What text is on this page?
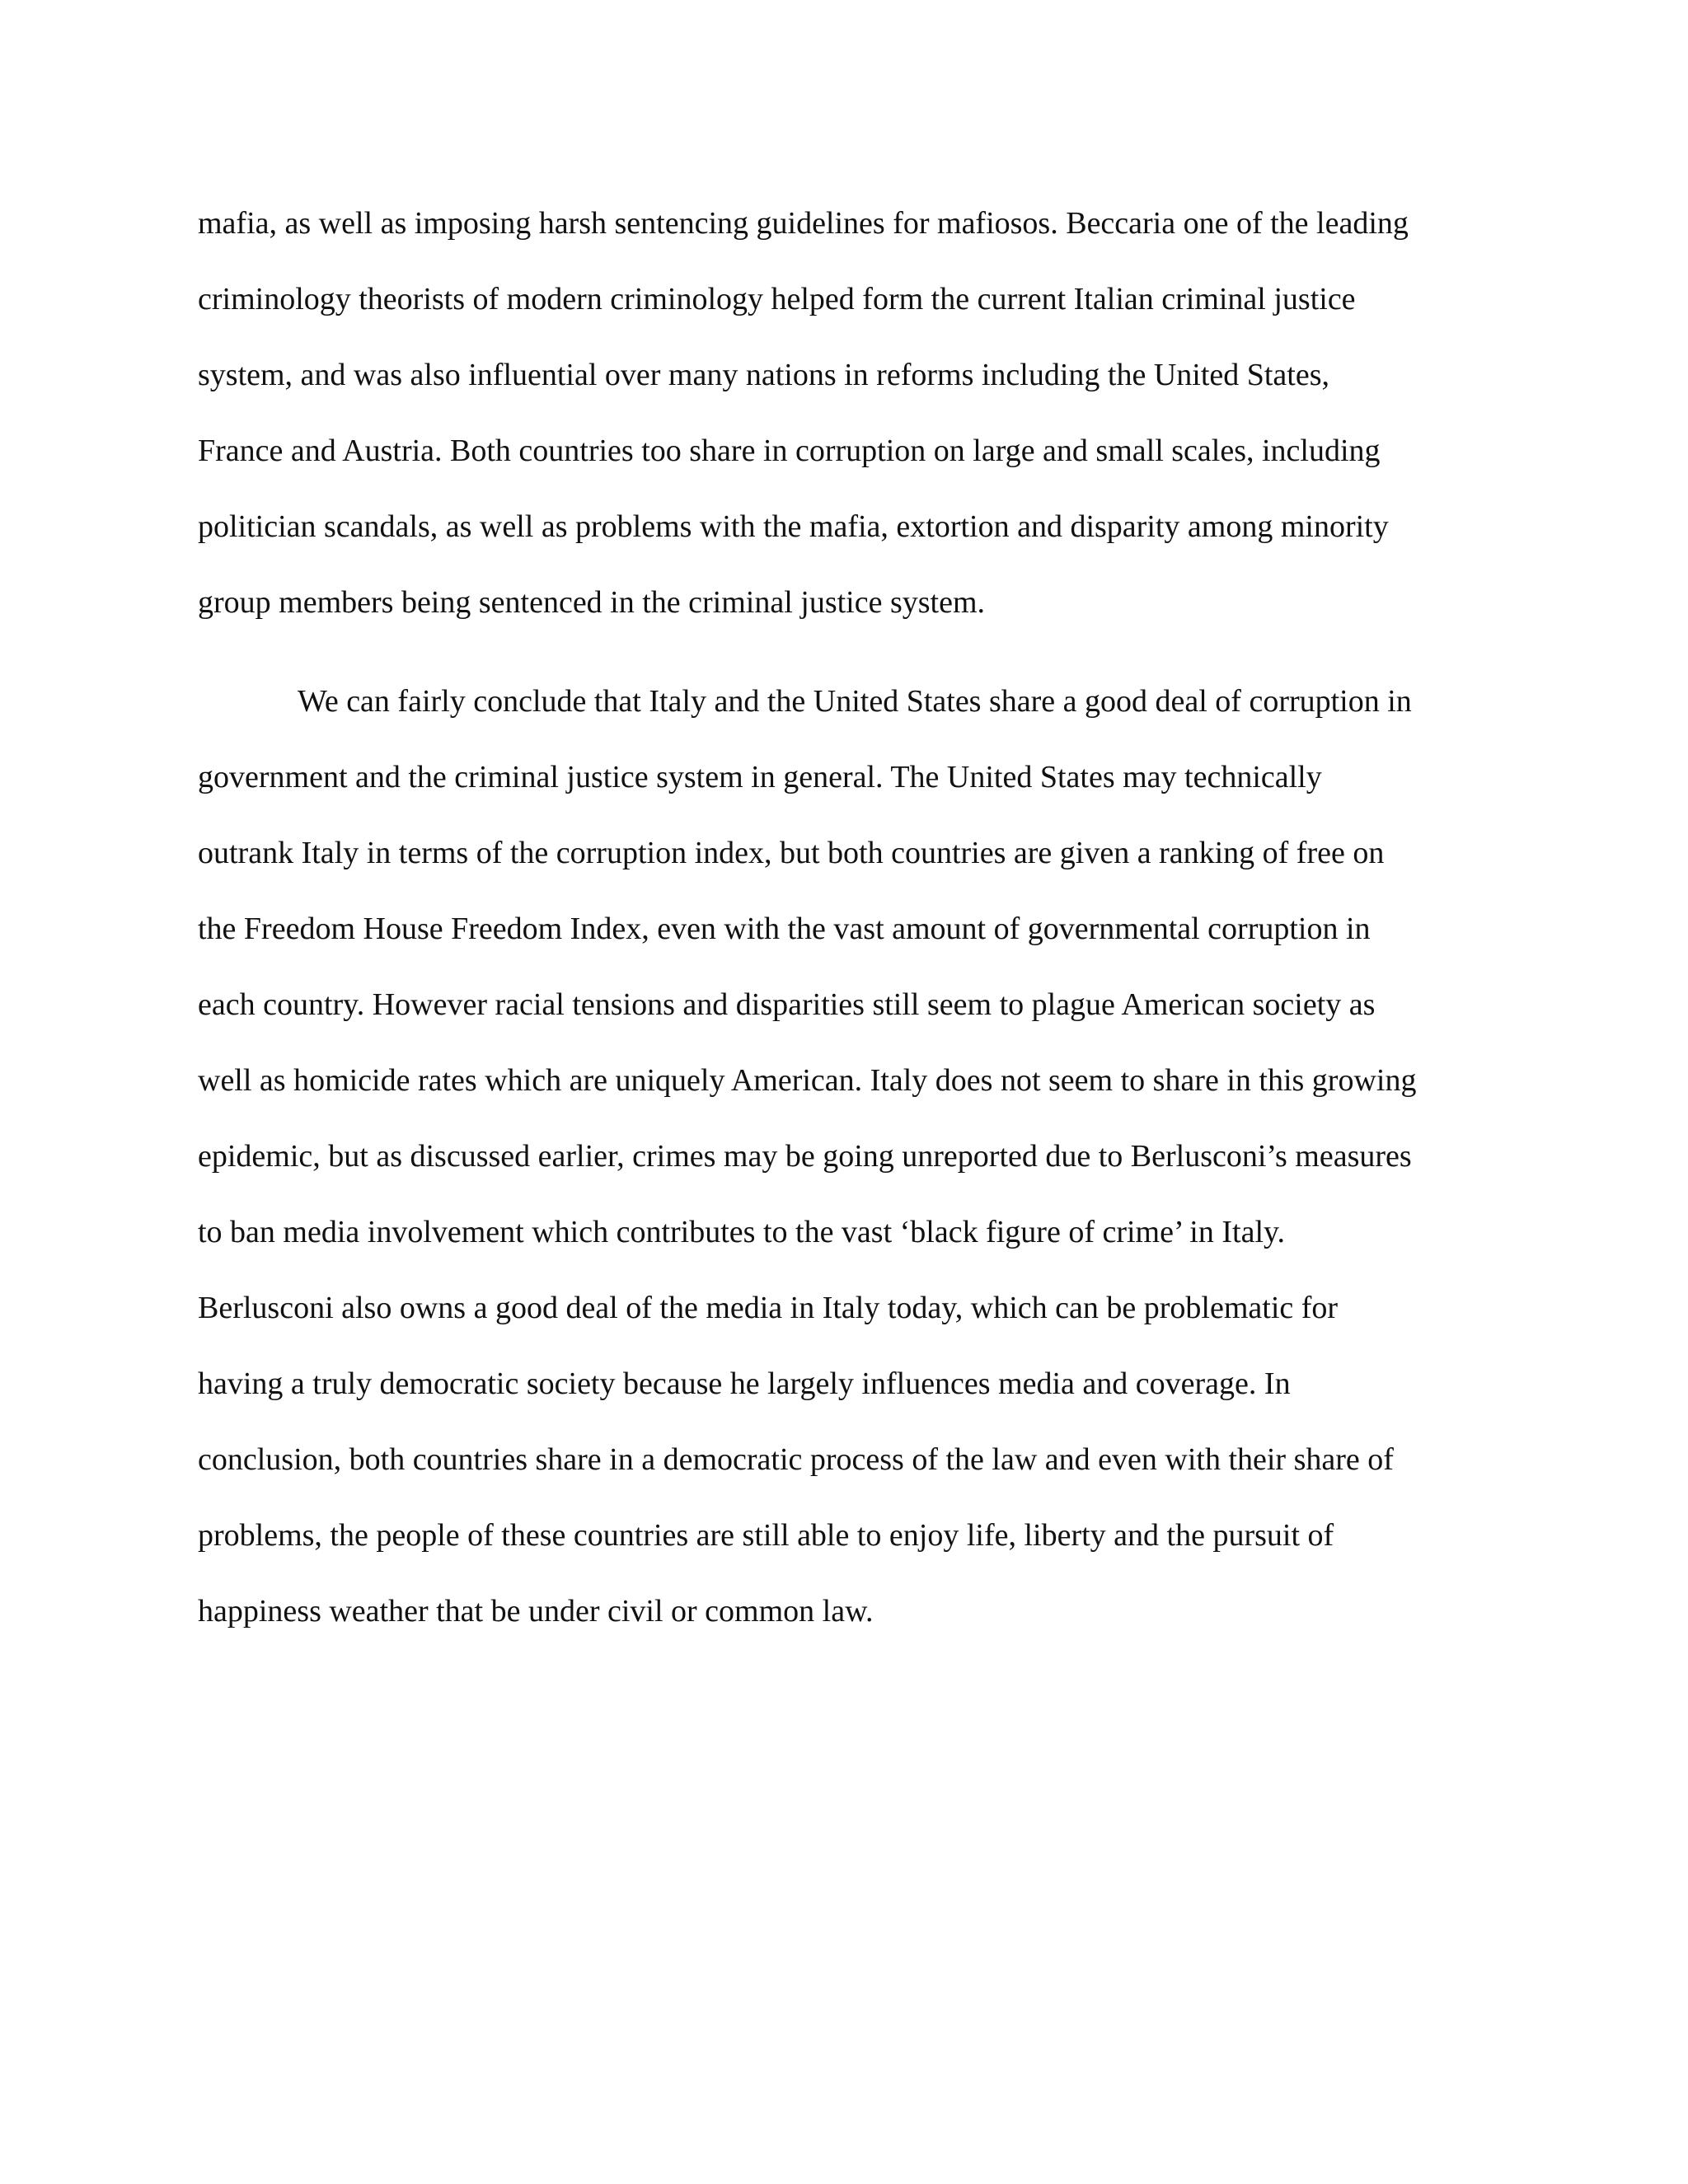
mafia, as well as imposing harsh sentencing guidelines for mafiosos. Beccaria one of the leading
criminology theorists of modern criminology helped form the current Italian criminal justice
system, and was also influential over many nations in reforms including the United States,
France and Austria. Both countries too share in corruption on large and small scales, including
politician scandals, as well as problems with the mafia, extortion and disparity among minority
group members being sentenced in the criminal justice system.
We can fairly conclude that Italy and the United States share a good deal of corruption in
government and the criminal justice system in general. The United States may technically
outrank Italy in terms of the corruption index, but both countries are given a ranking of free on
the Freedom House Freedom Index, even with the vast amount of governmental corruption in
each country. However racial tensions and disparities still seem to plague American society as
well as homicide rates which are uniquely American. Italy does not seem to share in this growing
epidemic, but as discussed earlier, crimes may be going unreported due to Berlusconi’s measures
to ban media involvement which contributes to the vast ‘black figure of crime’ in Italy.
Berlusconi also owns a good deal of the media in Italy today, which can be problematic for
having a truly democratic society because he largely influences media and coverage. In
conclusion, both countries share in a democratic process of the law and even with their share of
problems, the people of these countries are still able to enjoy life, liberty and the pursuit of
happiness weather that be under civil or common law.
